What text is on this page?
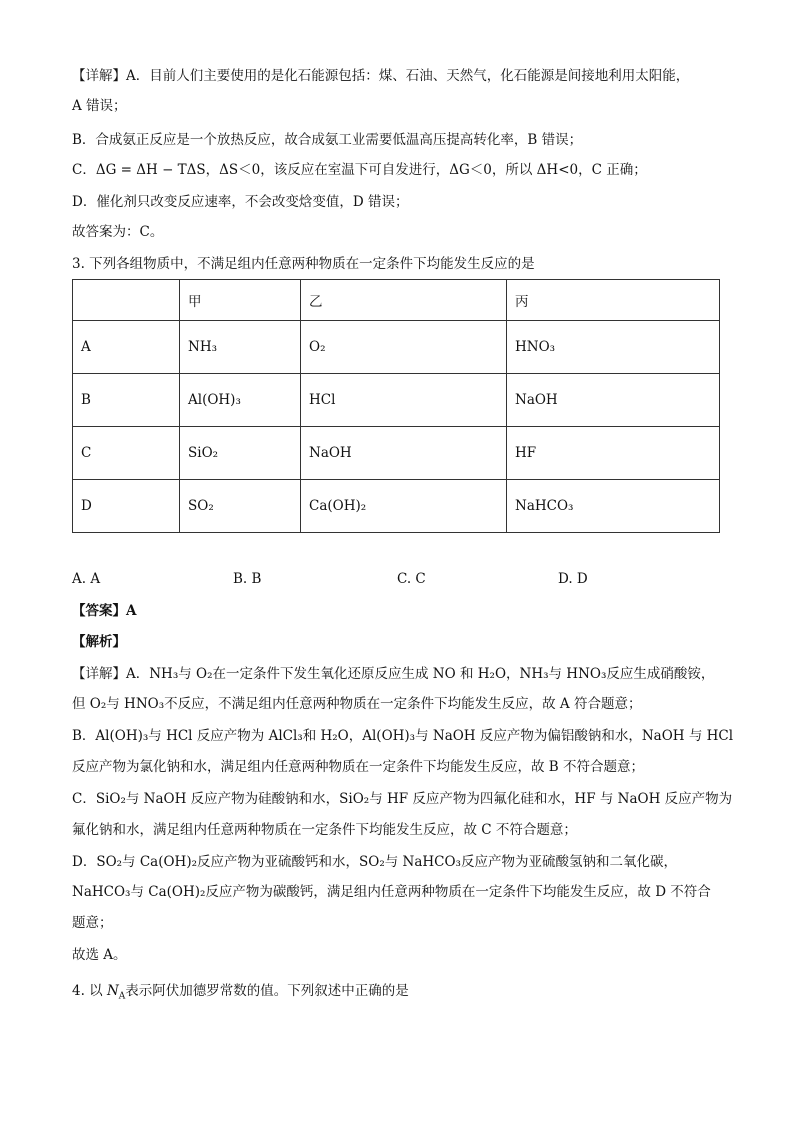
【详解】A．目前人们主要使用的是化石能源包括：煤、石油、天然气，化石能源是间接地利用太阳能，
A 错误；
B．合成氨正反应是一个放热反应，故合成氨工业需要低温高压提高转化率，B 错误；
C．ΔG = ΔH − TΔS，ΔS＜0，该反应在室温下可自发进行，ΔG＜0，所以 ΔH<0，C 正确；
D．催化剂只改变反应速率，不会改变焓变值，D 错误；
故答案为：C。
3. 下列各组物质中，不满足组内任意两种物质在一定条件下均能发生反应的是
	甲	乙	丙
A	NH₃	O₂	HNO₃
B	Al(OH)₃	HCl	NaOH
C	SiO₂	NaOH	HF
D	SO₂	Ca(OH)₂	NaHCO₃
A. A	B. B	C. C	D. D
【答案】A
【解析】
【详解】A．NH₃与 O₂在一定条件下发生氧化还原反应生成 NO 和 H₂O，NH₃与 HNO₃反应生成硝酸铵，
但 O₂与 HNO₃不反应，不满足组内任意两种物质在一定条件下均能发生反应，故 A 符合题意；
B．Al(OH)₃与 HCl 反应产物为 AlCl₃和 H₂O，Al(OH)₃与 NaOH 反应产物为偏铝酸钠和水，NaOH 与 HCl
反应产物为氯化钠和水，满足组内任意两种物质在一定条件下均能发生反应，故 B 不符合题意；
C．SiO₂与 NaOH 反应产物为硅酸钠和水，SiO₂与 HF 反应产物为四氟化硅和水，HF 与 NaOH 反应产物为
氟化钠和水，满足组内任意两种物质在一定条件下均能发生反应，故 C 不符合题意；
D．SO₂与 Ca(OH)₂反应产物为亚硫酸钙和水，SO₂与 NaHCO₃反应产物为亚硫酸氢钠和二氧化碳，
NaHCO₃与 Ca(OH)₂反应产物为碳酸钙，满足组内任意两种物质在一定条件下均能发生反应，故 D 不符合
题意；
故选 A。
4. 以 $N_A$表示阿伏加德罗常数的值。下列叙述中正确的是
